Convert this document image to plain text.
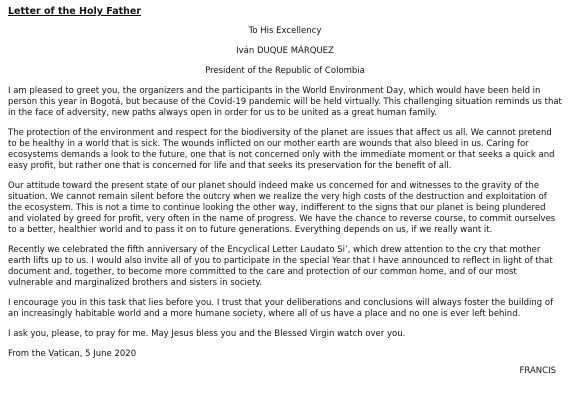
Letter of the Holy Father
To His Excellency
Iván DUQUE MÁRQUEZ
President of the Republic of Colombia

I am pleased to greet you, the organizers and the participants in the World Environment Day, which would have been held in person this year in Bogotá, but because of the Covid-19 pandemic will be held virtually. This challenging situation reminds us that in the face of adversity, new paths always open in order for us to be united as a great human family.

The protection of the environment and respect for the biodiversity of the planet are issues that affect us all. We cannot pretend to be healthy in a world that is sick. The wounds inflicted on our mother earth are wounds that also bleed in us. Caring for ecosystems demands a look to the future, one that is not concerned only with the immediate moment or that seeks a quick and easy profit, but rather one that is concerned for life and that seeks its preservation for the benefit of all.

Our attitude toward the present state of our planet should indeed make us concerned for and witnesses to the gravity of the situation. We cannot remain silent before the outcry when we realize the very high costs of the destruction and exploitation of the ecosystem. This is not a time to continue looking the other way, indifferent to the signs that our planet is being plundered and violated by greed for profit, very often in the name of progress. We have the chance to reverse course, to commit ourselves to a better, healthier world and to pass it on to future generations. Everything depends on us, if we really want it.

Recently we celebrated the fifth anniversary of the Encyclical Letter Laudato Si’, which drew attention to the cry that mother earth lifts up to us. I would also invite all of you to participate in the special Year that I have announced to reflect in light of that document and, together, to become more committed to the care and protection of our common home, and of our most vulnerable and marginalized brothers and sisters in society.

I encourage you in this task that lies before you. I trust that your deliberations and conclusions will always foster the building of an increasingly habitable world and a more humane society, where all of us have a place and no one is ever left behind.

I ask you, please, to pray for me. May Jesus bless you and the Blessed Virgin watch over you.

From the Vatican, 5 June 2020
FRANCIS
